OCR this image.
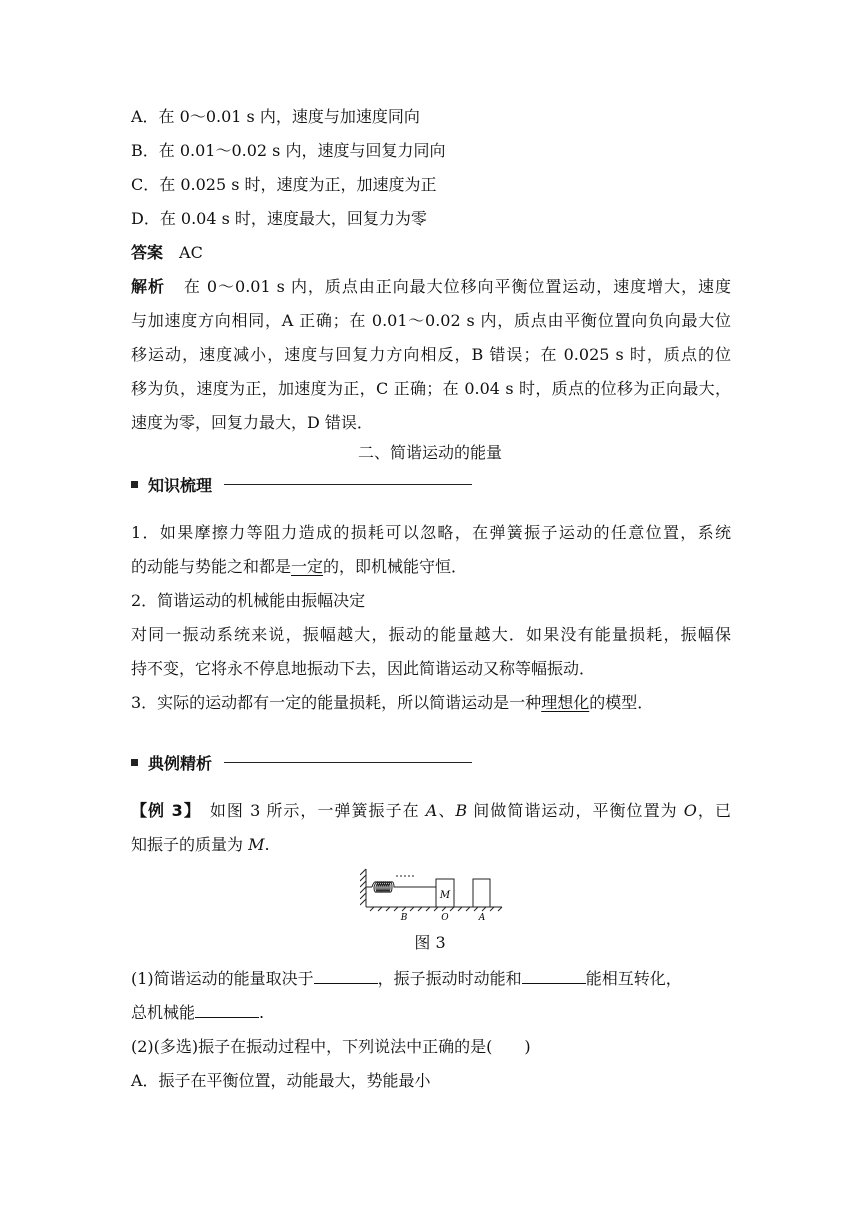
A．在 0～0.01 s 内，速度与加速度同向
B．在 0.01～0.02 s 内，速度与回复力同向
C．在 0.025 s 时，速度为正，加速度为正
D．在 0.04 s 时，速度最大，回复力为零
答案 AC
解析 在 0～0.01 s 内，质点由正向最大位移向平衡位置运动，速度增大，速度
与加速度方向相同，A 正确；在 0.01～0.02 s 内，质点由平衡位置向负向最大位
移运动，速度减小，速度与回复力方向相反，B 错误；在 0.025 s 时，质点的位
移为负，速度为正，加速度为正，C 正确；在 0.04 s 时，质点的位移为正向最大，
速度为零，回复力最大，D 错误．
二、简谐运动的能量
知识梳理
1．如果摩擦力等阻力造成的损耗可以忽略，在弹簧振子运动的任意位置，系统
的动能与势能之和都是一定的，即机械能守恒．
2．简谐运动的机械能由振幅决定
对同一振动系统来说，振幅越大，振动的能量越大．如果没有能量损耗，振幅保
持不变，它将永不停息地振动下去，因此简谐运动又称等幅振动．
3．实际的运动都有一定的能量损耗，所以简谐运动是一种理想化的模型．
典例精析
【例 3】　如图 3 所示，一弹簧振子在 A、B 间做简谐运动，平衡位置为 O，已
知振子的质量为 M.
M
B	O	A
图 3
(1)简谐运动的能量取决于	，振子振动时动能和	能相互转化，
总机械能	.
(2)(多选)振子在振动过程中，下列说法中正确的是(　　)
A．振子在平衡位置，动能最大，势能最小
